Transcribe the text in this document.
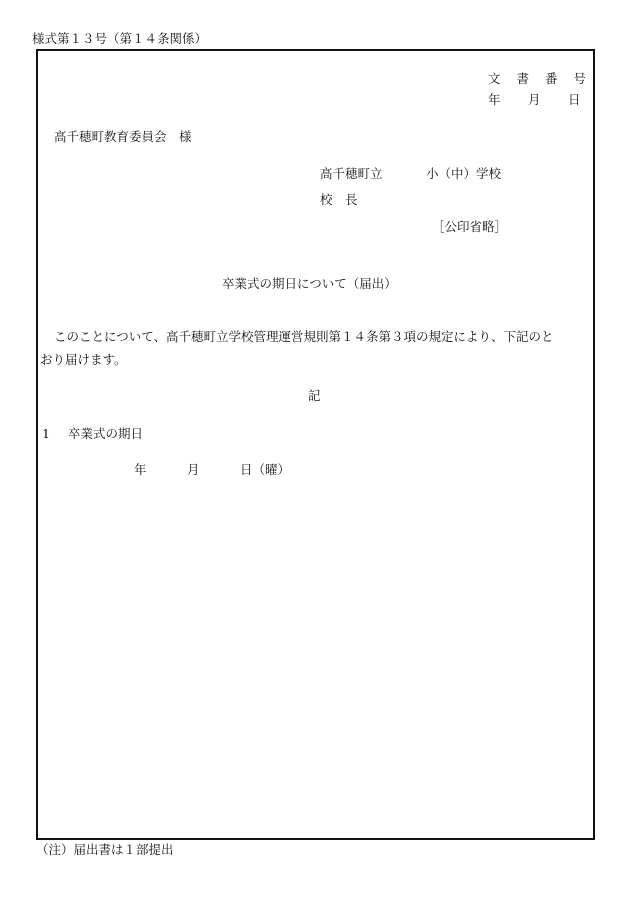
様式第１３号（第１４条関係）
文 書 番 号
年 月 日
高千穂町教育委員会　様
高千穂町立	小（中）学校
校　長
［公印省略］
卒業式の期日について（届出）
このことについて、高千穂町立学校管理運営規則第１４条第３項の規定により、下記のと
おり届けます。
記
1 卒業式の期日
年	月	日（曜）
（注）届出書は１部提出
